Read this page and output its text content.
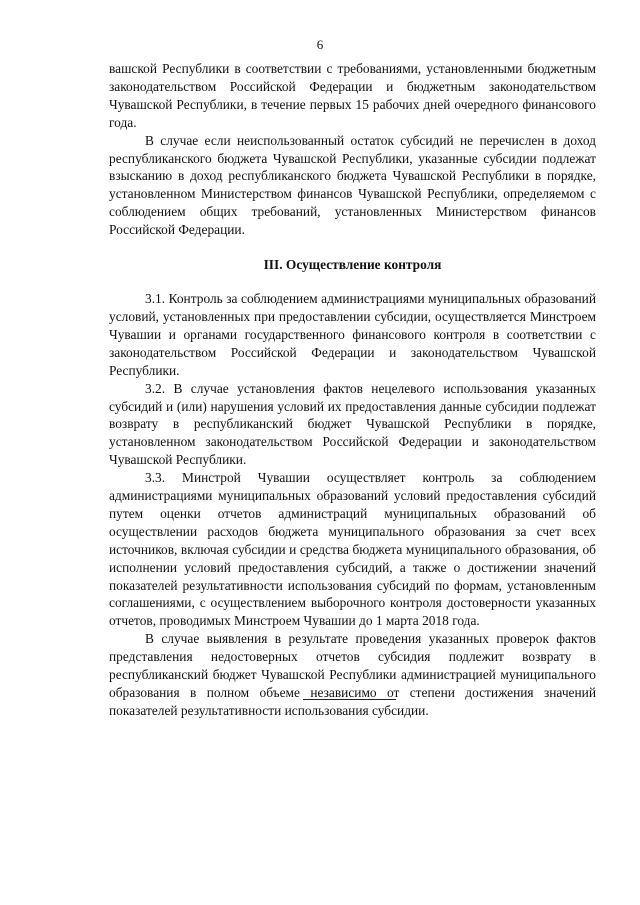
6

вашской Республики в соответствии с требованиями, установленными бюджетным законодательством Российской Федерации и бюджетным законодательством Чувашской Республики, в течение первых 15 рабочих дней очередного финансового года.

В случае если неиспользованный остаток субсидий не перечислен в доход республиканского бюджета Чувашской Республики, указанные субсидии подлежат взысканию в доход республиканского бюджета Чувашской Республики в порядке, установленном Министерством финансов Чувашской Республики, определяемом с соблюдением общих требований, установленных Министерством финансов Российской Федерации.

III. Осуществление контроля

3.1. Контроль за соблюдением администрациями муниципальных образований условий, установленных при предоставлении субсидии, осуществляется Минстроем Чувашии и органами государственного финансового контроля в соответствии с законодательством Российской Федерации и законодательством Чувашской Республики.

3.2. В случае установления фактов нецелевого использования указанных субсидий и (или) нарушения условий их предоставления данные субсидии подлежат возврату в республиканский бюджет Чувашской Республики в порядке, установленном законодательством Российской Федерации и законодательством Чувашской Республики.

3.3. Минстрой Чувашии осуществляет контроль за соблюдением администрациями муниципальных образований условий предоставления субсидий путем оценки отчетов администраций муниципальных образований об осуществлении расходов бюджета муниципального образования за счет всех источников, включая субсидии и средства бюджета муниципального образования, об исполнении условий предоставления субсидий, а также о достижении значений показателей результативности использования субсидий по формам, установленным соглашениями, с осуществлением выборочного контроля достоверности указанных отчетов, проводимых Минстроем Чувашии до 1 марта 2018 года.

В случае выявления в результате проведения указанных проверок фактов представления недостоверных отчетов субсидия подлежит возврату в республиканский бюджет Чувашской Республики администрацией муниципального образования в полном объеме независимо от степени достижения значений показателей результативности использования субсидии.
